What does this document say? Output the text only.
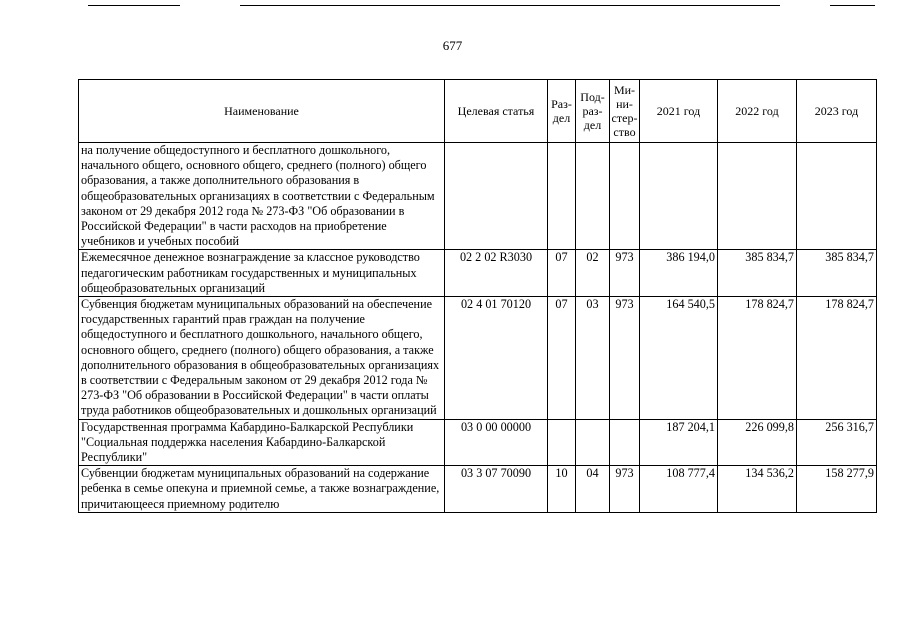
677
Наименование	Целевая статья	Раз-дел	Под-раз-дел	Ми-ни-стер-ство	2021 год	2022 год	2023 год
на получение общедоступного и бесплатного дошкольного, начального общего, основного общего, среднего (полного) общего образования, а также дополнительного образования в общеобразовательных организациях в соответствии с Федеральным законом от 29 декабря 2012 года № 273-ФЗ "Об образовании в Российской Федерации" в части расходов на приобретение учебников и учебных пособий							
Ежемесячное денежное вознаграждение за классное руководство педагогическим работникам государственных и муниципальных общеобразовательных организаций	02 2 02 R3030	07	02	973	386 194,0	385 834,7	385 834,7
Субвенция бюджетам муниципальных образований на обеспечение государственных гарантий прав граждан на получение общедоступного и бесплатного дошкольного, начального общего, основного общего, среднего (полного) общего образования, а также дополнительного образования в общеобразовательных организациях в соответствии с Федеральным законом от 29 декабря 2012 года № 273-ФЗ "Об образовании в Российской Федерации" в части оплаты труда работников общеобразовательных и дошкольных организаций	02 4 01 70120	07	03	973	164 540,5	178 824,7	178 824,7
Государственная программа Кабардино-Балкарской Республики "Социальная поддержка населения Кабардино-Балкарской Республики"	03 0 00 00000				187 204,1	226 099,8	256 316,7
Субвенции бюджетам муниципальных образований на содержание ребенка в семье опекуна и приемной семье, а также вознаграждение, причитающееся приемному родителю	03 3 07 70090	10	04	973	108 777,4	134 536,2	158 277,9
